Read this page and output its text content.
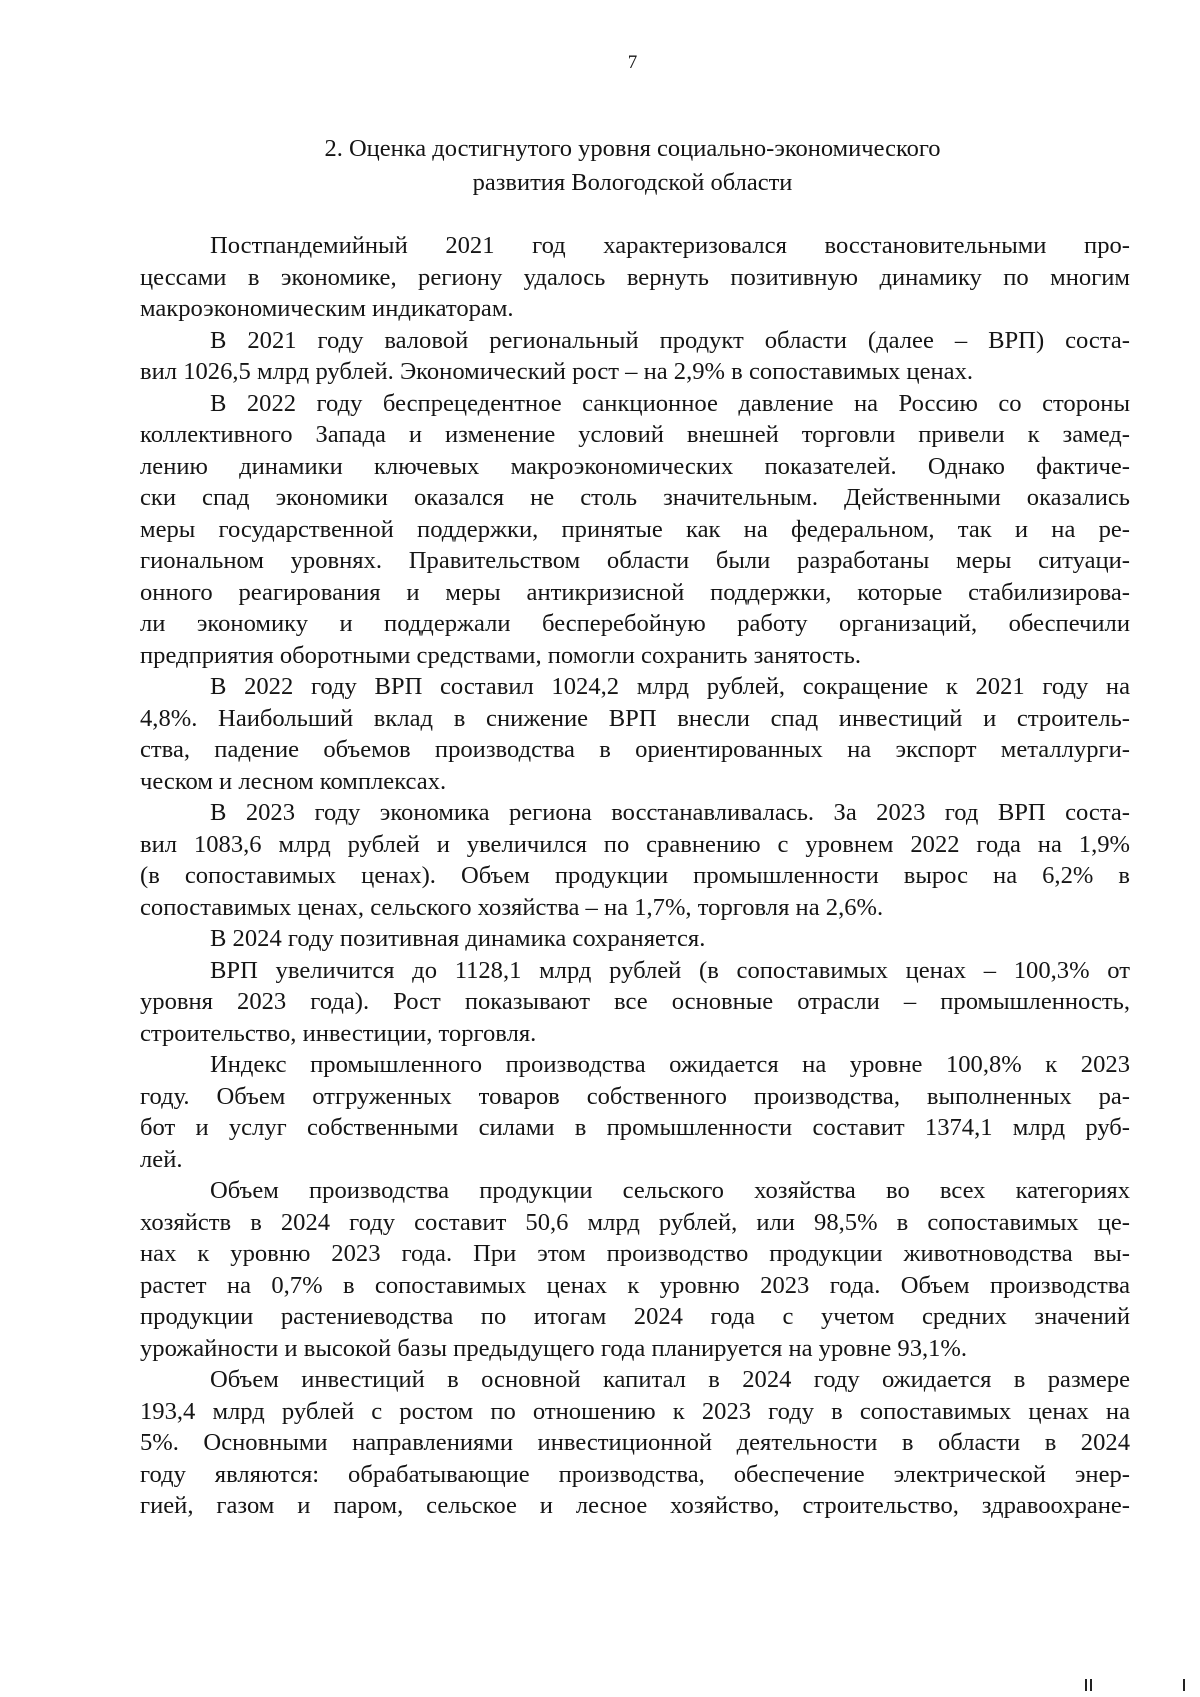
7
2. Оценка достигнутого уровня социально-экономического
развития Вологодской области
Постпандемийный 2021 год характеризовался восстановительными про-
цессами в экономике, региону удалось вернуть позитивную динамику по многим
макроэкономическим индикаторам.
В 2021 году валовой региональный продукт области (далее – ВРП) соста-
вил 1026,5 млрд рублей. Экономический рост – на 2,9% в сопоставимых ценах.
В 2022 году беспрецедентное санкционное давление на Россию со стороны
коллективного Запада и изменение условий внешней торговли привели к замед-
лению динамики ключевых макроэкономических показателей. Однако фактиче-
ски спад экономики оказался не столь значительным. Действенными оказались
меры государственной поддержки, принятые как на федеральном, так и на ре-
гиональном уровнях. Правительством области были разработаны меры ситуаци-
онного реагирования и меры антикризисной поддержки, которые стабилизирова-
ли экономику и поддержали бесперебойную работу организаций, обеспечили
предприятия оборотными средствами, помогли сохранить занятость.
В 2022 году ВРП составил 1024,2 млрд рублей, сокращение к 2021 году на
4,8%. Наибольший вклад в снижение ВРП внесли спад инвестиций и строитель-
ства, падение объемов производства в ориентированных на экспорт металлурги-
ческом и лесном комплексах.
В 2023 году экономика региона восстанавливалась. За 2023 год ВРП соста-
вил 1083,6 млрд рублей и увеличился по сравнению с уровнем 2022 года на 1,9%
(в сопоставимых ценах). Объем продукции промышленности вырос на 6,2% в
сопоставимых ценах, сельского хозяйства – на 1,7%, торговля на 2,6%.
В 2024 году позитивная динамика сохраняется.
ВРП увеличится до 1128,1 млрд рублей (в сопоставимых ценах – 100,3% от
уровня 2023 года). Рост показывают все основные отрасли – промышленность,
строительство, инвестиции, торговля.
Индекс промышленного производства ожидается на уровне 100,8% к 2023
году. Объем отгруженных товаров собственного производства, выполненных ра-
бот и услуг собственными силами в промышленности составит 1374,1 млрд руб-
лей.
Объем производства продукции сельского хозяйства во всех категориях
хозяйств в 2024 году составит 50,6 млрд рублей, или 98,5% в сопоставимых це-
нах к уровню 2023 года. При этом производство продукции животноводства вы-
растет на 0,7% в сопоставимых ценах к уровню 2023 года. Объем производства
продукции растениеводства по итогам 2024 года с учетом средних значений
урожайности и высокой базы предыдущего года планируется на уровне 93,1%.
Объем инвестиций в основной капитал в 2024 году ожидается в размере
193,4 млрд рублей с ростом по отношению к 2023 году в сопоставимых ценах на
5%. Основными направлениями инвестиционной деятельности в области в 2024
году являются: обрабатывающие производства, обеспечение электрической энер-
гией, газом и паром, сельское и лесное хозяйство, строительство, здравоохране-
